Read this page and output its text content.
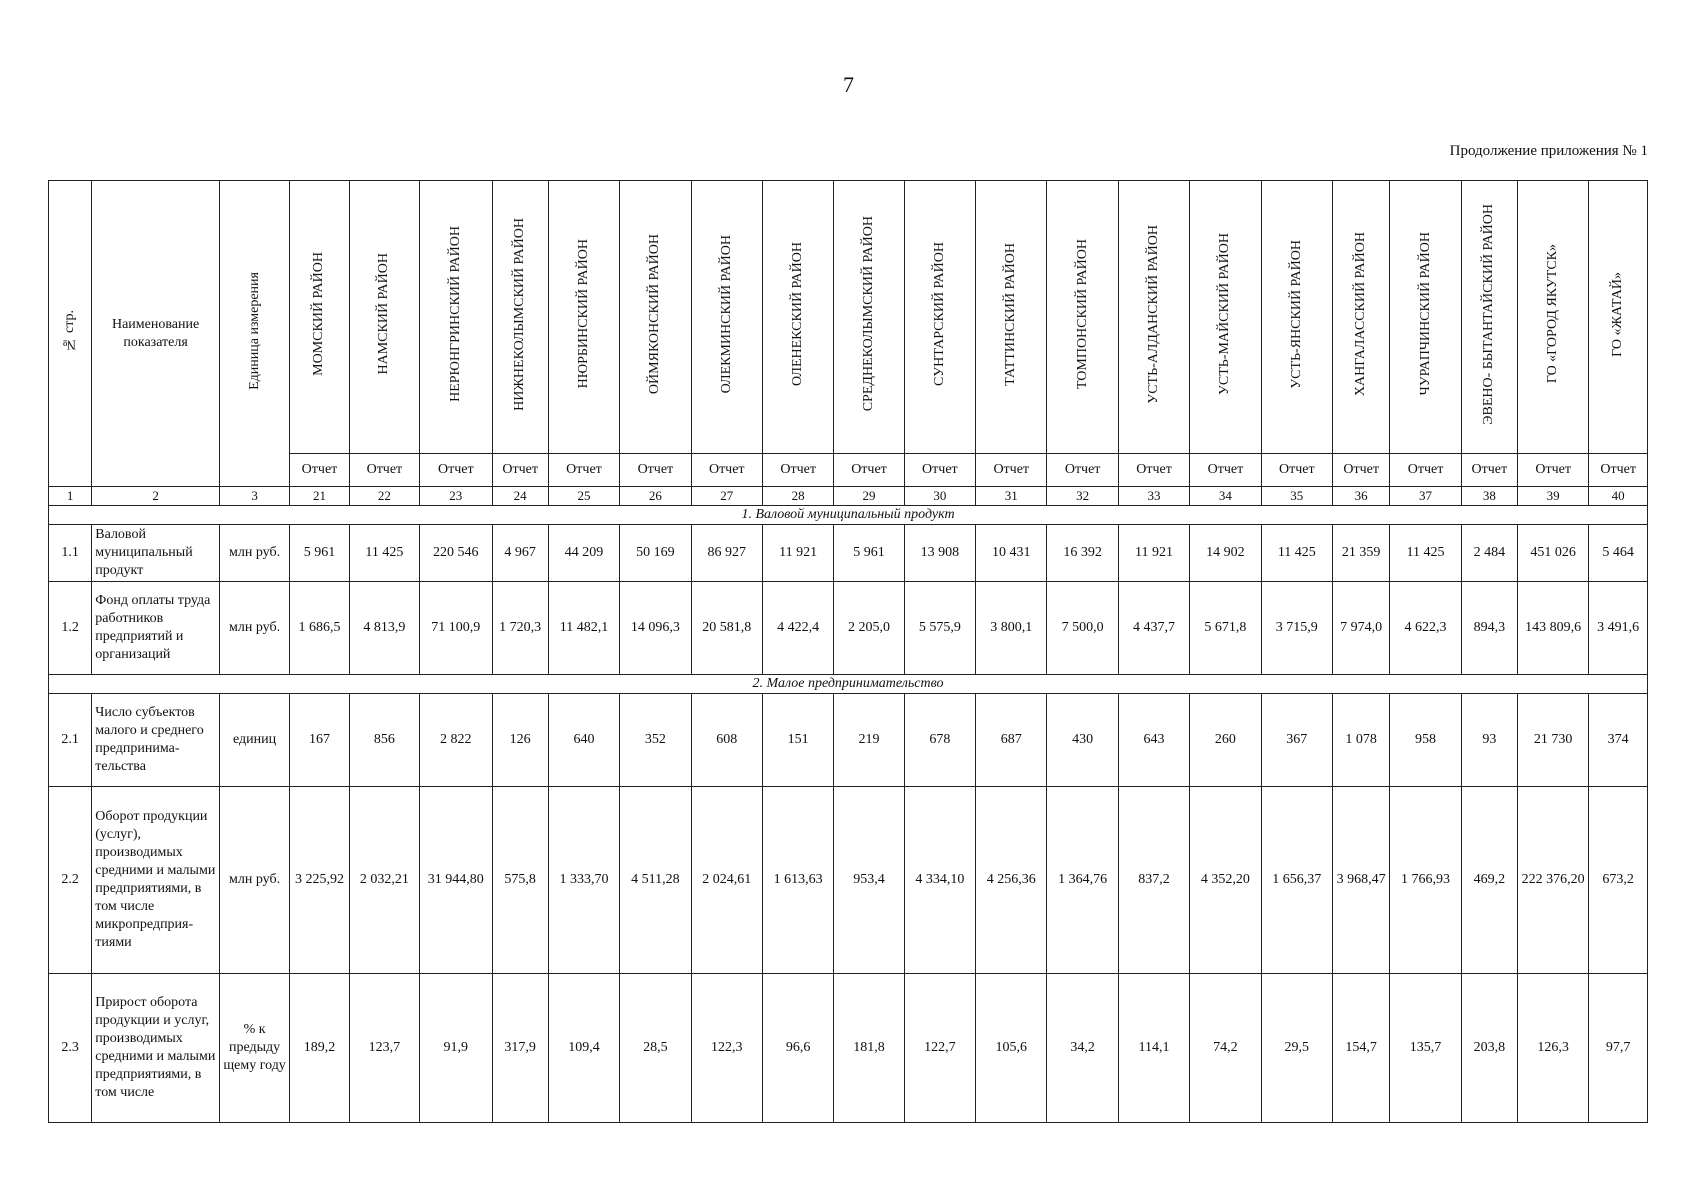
7
Продолжение приложения № 1
№ стр.	Наименование показателя	Единица измерения	МОМСКИЙ РАЙОН	НАМСКИЙ РАЙОН	НЕРЮНГРИНСКИЙ РАЙОН	НИЖНЕКОЛЫМСКИЙ РАЙОН	НЮРБИНСКИЙ РАЙОН	ОЙМЯКОНСКИЙ РАЙОН	ОЛЕКМИНСКИЙ РАЙОН	ОЛЕНЕКСКИЙ РАЙОН	СРЕДНЕКОЛЫМСКИЙ РАЙОН	СУНТАРСКИЙ РАЙОН	ТАТТИНСКИЙ РАЙОН	ТОМПОНСКИЙ РАЙОН	УСТЬ-АЛДАНСКИЙ РАЙОН	УСТЬ-МАЙСКИЙ РАЙОН	УСТЬ-ЯНСКИЙ РАЙОН	ХАНГАЛАССКИЙ РАЙОН	ЧУРАПЧИНСКИЙ РАЙОН	ЭВЕНО- БЫТАНТАЙСКИЙ РАЙОН	ГО «ГОРОД ЯКУТСК»	ГО «ЖАТАЙ»
			Отчет	Отчет	Отчет	Отчет	Отчет	Отчет	Отчет	Отчет	Отчет	Отчет	Отчет	Отчет	Отчет	Отчет	Отчет	Отчет	Отчет	Отчет	Отчет	Отчет
1	2	3	21	22	23	24	25	26	27	28	29	30	31	32	33	34	35	36	37	38	39	40
1. Валовой муниципальный продукт																						
1.1	Валовой муниципальный продукт	млн руб.	5 961	11 425	220 546	4 967	44 209	50 169	86 927	11 921	5 961	13 908	10 431	16 392	11 921	14 902	11 425	21 359	11 425	2 484	451 026	5 464
1.2	Фонд оплаты труда работников предприятий и организаций	млн руб.	1 686,5	4 813,9	71 100,9	1 720,3	11 482,1	14 096,3	20 581,8	4 422,4	2 205,0	5 575,9	3 800,1	7 500,0	4 437,7	5 671,8	3 715,9	7 974,0	4 622,3	894,3	143 809,6	3 491,6
2. Малое предпринимательство																						
2.1	Число субъектов малого и среднего предпринима-тельства	единиц	167	856	2 822	126	640	352	608	151	219	678	687	430	643	260	367	1 078	958	93	21 730	374
2.2	Оборот продукции (услуг), производимых средними и малыми предприятиями, в том числе микропредприя-тиями	млн руб.	3 225,92	2 032,21	31 944,80	575,8	1 333,70	4 511,28	2 024,61	1 613,63	953,4	4 334,10	4 256,36	1 364,76	837,2	4 352,20	1 656,37	3 968,47	1 766,93	469,2	222 376,20	673,2
2.3	Прирост оборота продукции и услуг, производимых средними и малыми предприятиями, в том числе	% к предыду щему году	189,2	123,7	91,9	317,9	109,4	28,5	122,3	96,6	181,8	122,7	105,6	34,2	114,1	74,2	29,5	154,7	135,7	203,8	126,3	97,7
